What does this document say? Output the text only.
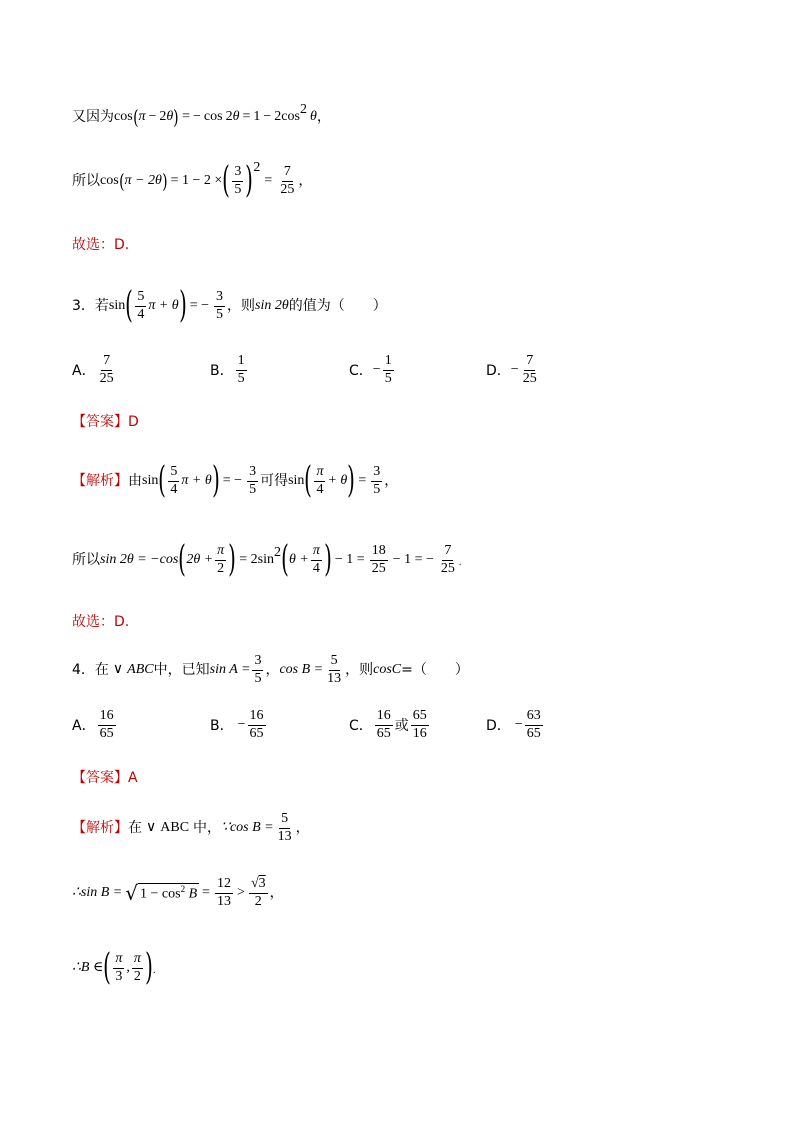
又因为 cos ( π − 2 θ ) = − cos 2 θ = 1 − 2cos 2 θ ，
所以 cos ( π − 2θ ) = 1 − 2 × ( $\frac{3}{5}$ ) 2
= $\frac{7}{25}$ ，
故选：D.
3．若 sin ( $\frac{5}{4}$ π + θ ) = − $\frac{3}{5}$ ，则 sin 2θ 的值为（　　）
A． $\frac{7}{25}$	B． $\frac{1}{5}$	C． − $\frac{1}{5}$	D． − $\frac{7}{25}$
【答案】 D
【解析】 由 sin ( $\frac{5}{4}$ π + θ ) = − $\frac{3}{5}$ 可得 sin ( $\frac{\pi}{4} + \theta$ ) = $\frac{3}{5}$ ，
所以 sin 2θ = −cos ( $2\theta + \frac{\pi}{2}$ ) = 2sin 2 ( $\theta + \frac{\pi}{4}$ ) − $1 = \frac{18}{25} - 1$ = − $\frac{7}{25}$ .
故选：D.
4．在 ∨ ABC 中，已知 $\sin A = \frac{3}{5}$ ， $\cos B = \frac{5}{13}$ ，则 cosC =（　　）
A． $\frac{16}{65}$	B． − $\frac{16}{65}$	C． $\frac{16}{65}$ 或 $\frac{65}{16}$	D． − $\frac{63}{65}$
【答案】 A
【解析】 在 ∨ ABC 中， ∵cos $B = \frac{5}{13}$ ，
∴sin B = √ $1 - \cos^2 B = \frac{12}{13} > \frac{√3}{2}$ ，
∴B ∈ ( $\frac{\pi}{3}$ , $\frac{\pi}{2}$ ) .
